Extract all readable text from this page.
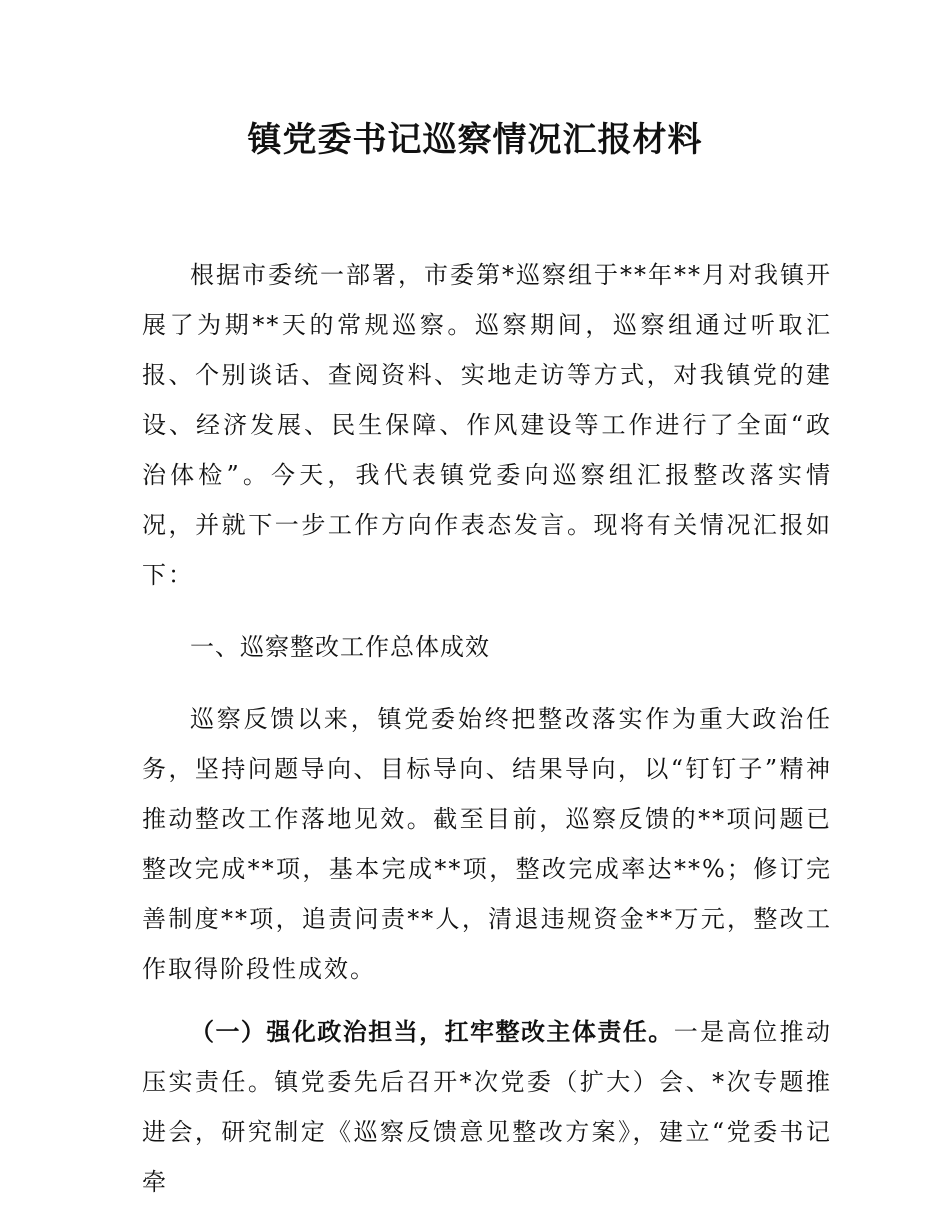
镇党委书记巡察情况汇报材料

根据市委统一部署，市委第*巡察组于**年**月对我镇开展了为期**天的常规巡察。巡察期间，巡察组通过听取汇报、个别谈话、查阅资料、实地走访等方式，对我镇党的建设、经济发展、民生保障、作风建设等工作进行了全面“政治体检”。今天，我代表镇党委向巡察组汇报整改落实情况，并就下一步工作方向作表态发言。现将有关情况汇报如下：

一、巡察整改工作总体成效

巡察反馈以来，镇党委始终把整改落实作为重大政治任务，坚持问题导向、目标导向、结果导向，以“钉钉子”精神推动整改工作落地见效。截至目前，巡察反馈的**项问题已整改完成**项，基本完成**项，整改完成率达**%；修订完善制度**项，追责问责**人，清退违规资金**万元，整改工作取得阶段性成效。

（一）强化政治担当，扛牢整改主体责任。一是高位推动压实责任。镇党委先后召开*次党委（扩大）会、*次专题推进会，研究制定《巡察反馈意见整改方案》，建立“党委书记牵
